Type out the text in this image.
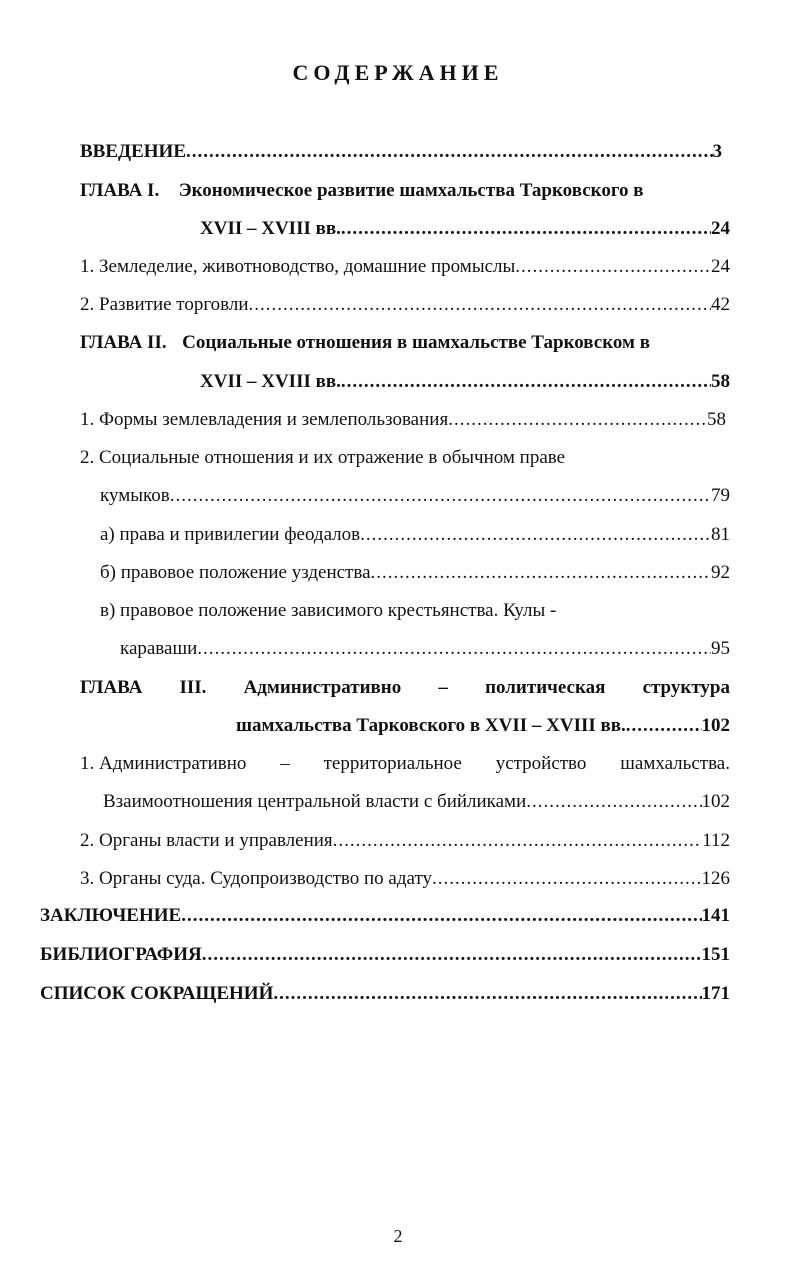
СОДЕРЖАНИЕ
ВВЕДЕНИЕ .....	3
ГЛАВА I. Экономическое развитие шамхальства Тарковского в
XVII – XVIII вв. .....	24
1. Земледелие, животноводство, домашние промыслы .....	24
2. Развитие торговли .....	42
ГЛАВА II. Социальные отношения в шамхальстве Тарковском в
XVII – XVIII вв. .....	58
1. Формы землевладения и землепользования .....	58
2. Социальные отношения и их отражение в обычном праве
кумыков .....	79
а) права и привилегии феодалов .....	81
б) правовое положение узденства .....	92
в) правовое положение зависимого крестьянства. Кулы -
караваши .....	95
ГЛАВА III. Административно – политическая структура
шамхальства Тарковского в XVII – XVIII вв. .....	102
1. Административно – территориальное устройство шамхальства.
Взаимоотношения центральной власти с бийликами .....	102
2. Органы власти и управления .....	112
3. Органы суда. Судопроизводство по адату .....	126
ЗАКЛЮЧЕНИЕ .....	141
БИБЛИОГРАФИЯ .....	151
СПИСОК СОКРАЩЕНИЙ .....	171
2
